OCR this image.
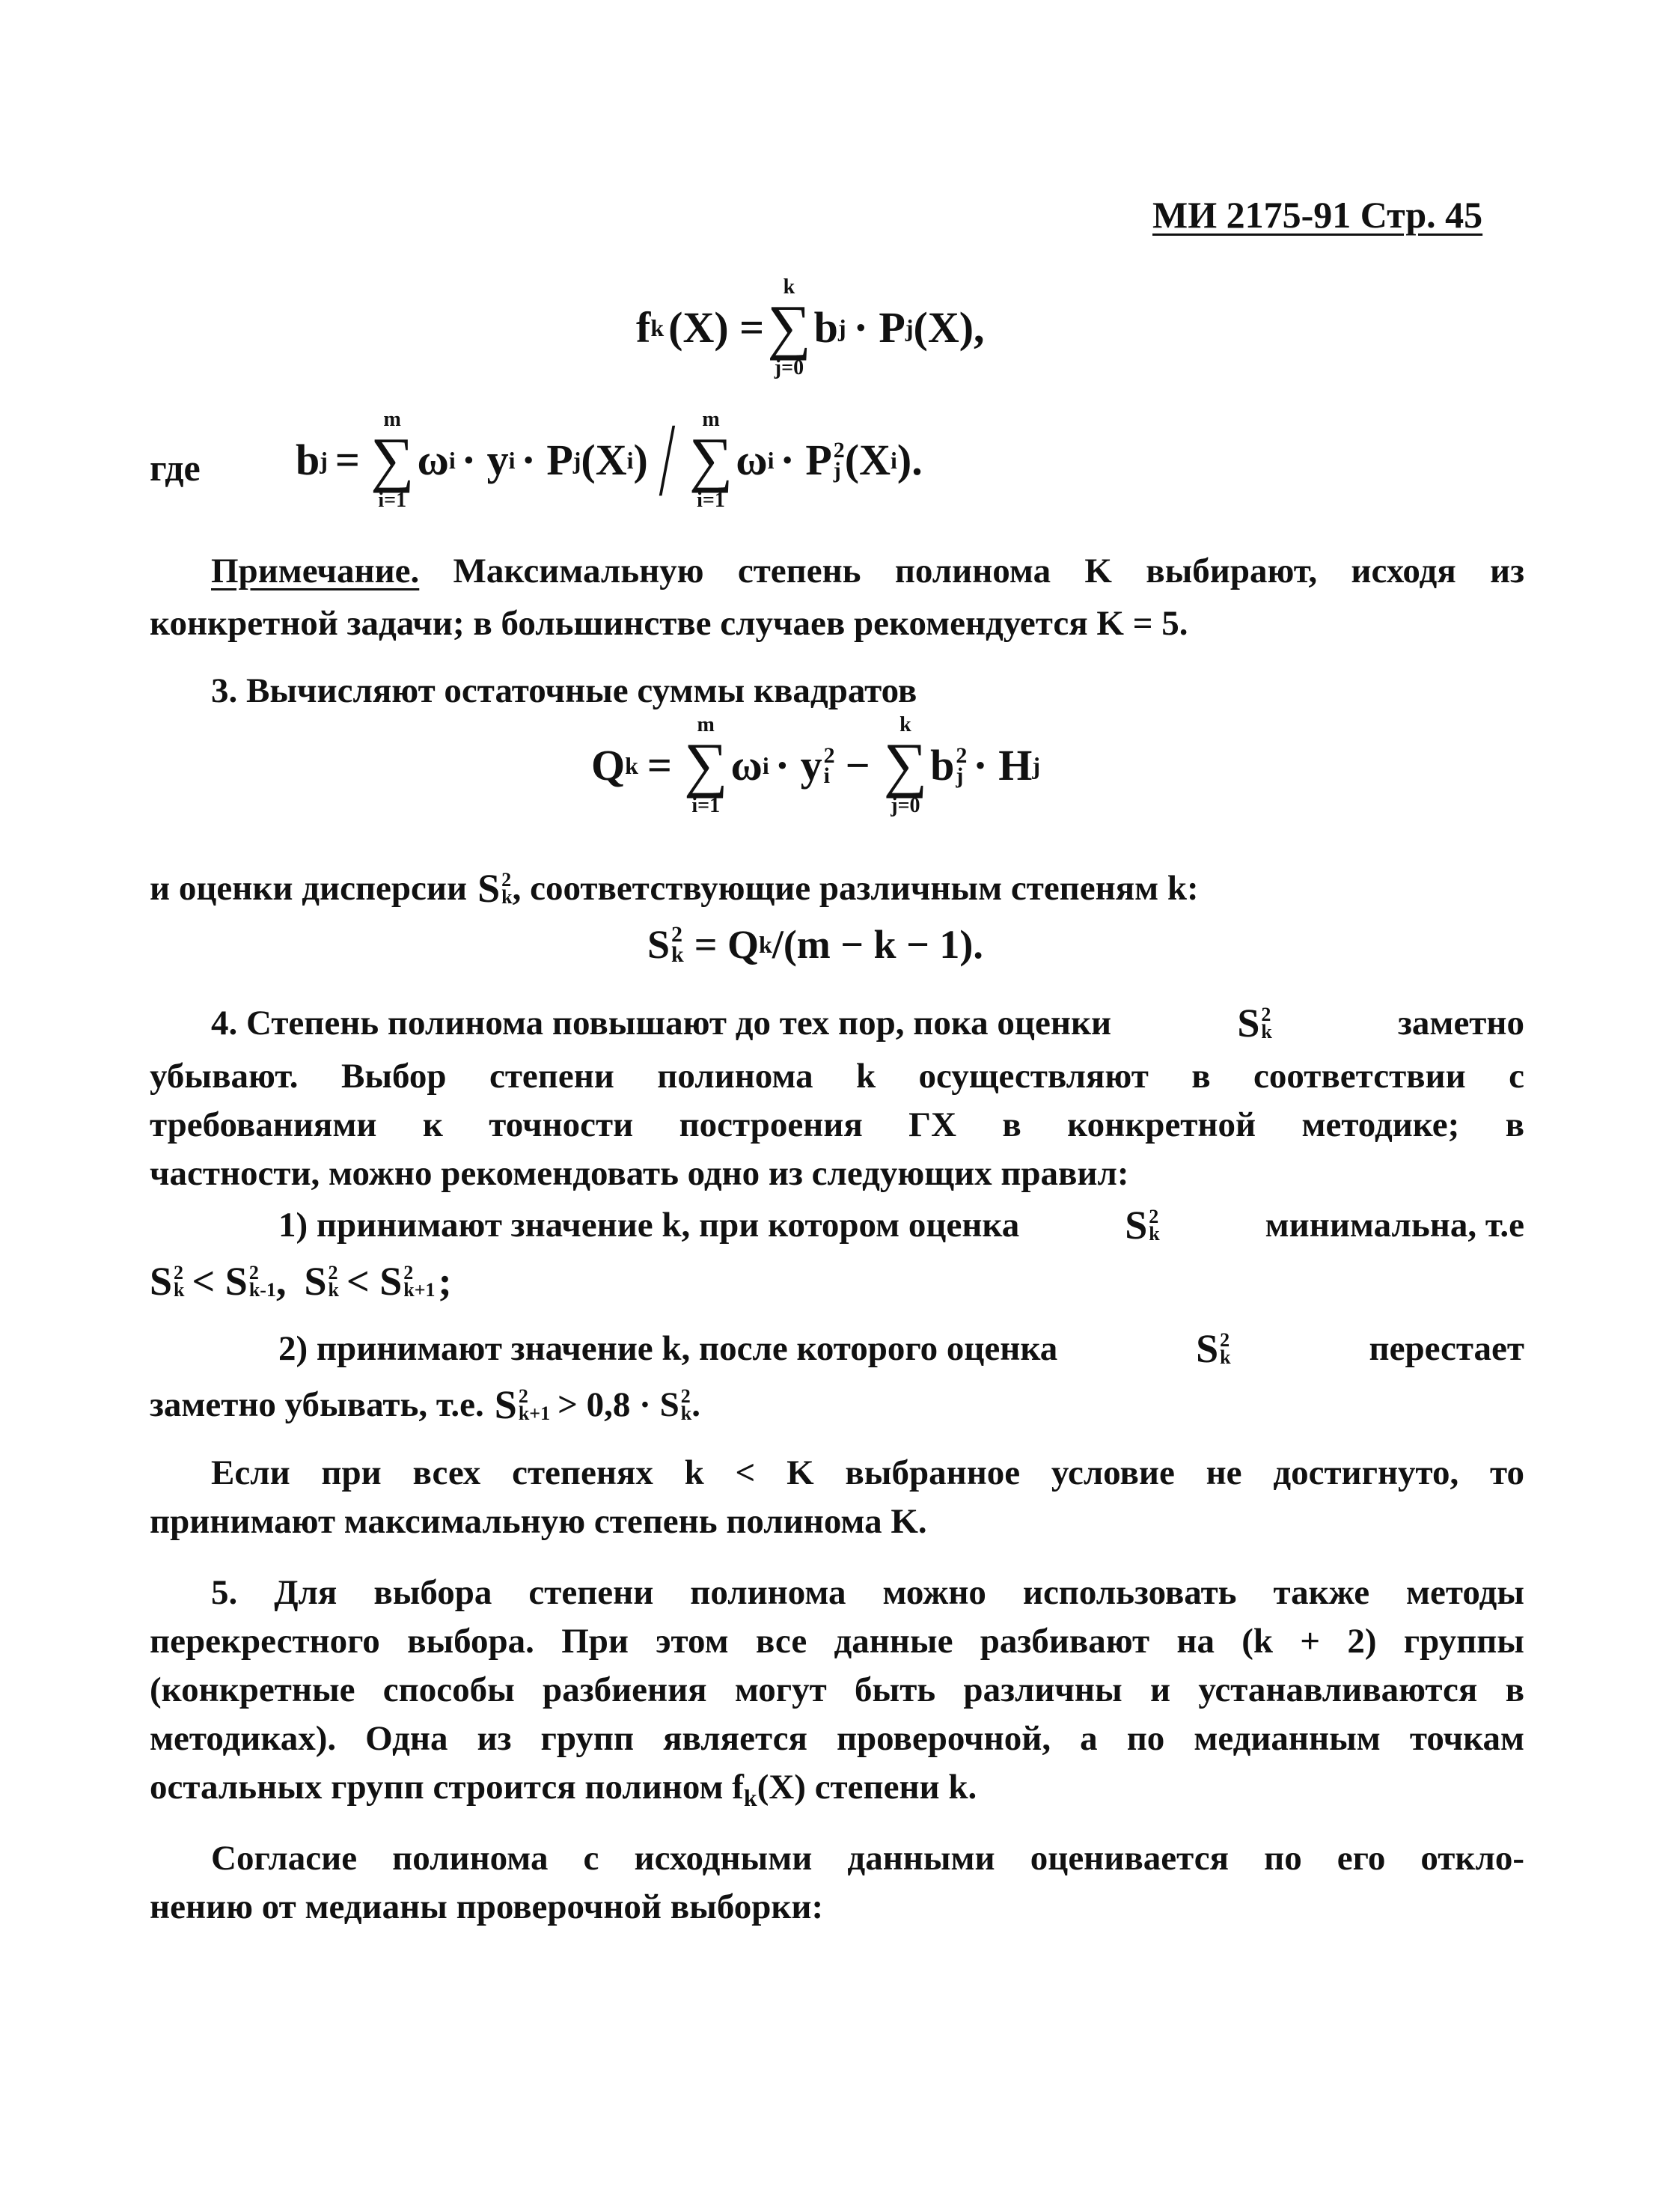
МИ 2175-91 Стр. 45
f k (X) =
k
∑
j=0
b j · P j (X),
где b j =
m
∑
i=1
ω i · y i · P j (X i ) / m
∑
i=1
ω i · P 2
j (X i ).
Примечание. Максимальную степень полинома K выбирают, исходя из
конкретной задачи; в большинстве случаев рекомендуется K = 5.
3. Вычисляют остаточные суммы квадратов
Q k =
m
∑
i=1
ω i · y 2
i −
k
∑
j=0
b 2
j · H j
и оценки дисперсии S 2
k , соответствующие различным степеням k:
S 2
k = Q k /(m − k − 1).
4. Степень полинома повышают до тех пор, пока оценки	S 2
k	заметно
убывают. Выбор степени полинома k осуществляют в соответствии с
требованиями к точности построения ГХ в конкретной методике; в
частности, можно рекомендовать одно из следующих правил:
1) принимают значение k, при котором оценка	S 2
k	минимальна, т.е
S 2
k < S 2
k-1 , S 2
k < S 2
k+1 ;
2) принимают значение k, после которого оценка	S 2
k	перестает
заметно убывать, т.е. S 2
k+1 > 0,8 · S 2
k .
Если при всех степенях k < K выбранное условие не достигнуто, то
принимают максимальную степень полинома K.
5. Для выбора степени полинома можно использовать также методы
перекрестного выбора. При этом все данные разбивают на (k + 2) группы
(конкретные способы разбиения могут быть различны и устанавливаются в
методиках). Одна из групп является проверочной, а по медианным точкам
остальных групп строится полином $f_k(X)$ степени k.
Согласие полинома с исходными данными оценивается по его откло-
нению от медианы проверочной выборки:
